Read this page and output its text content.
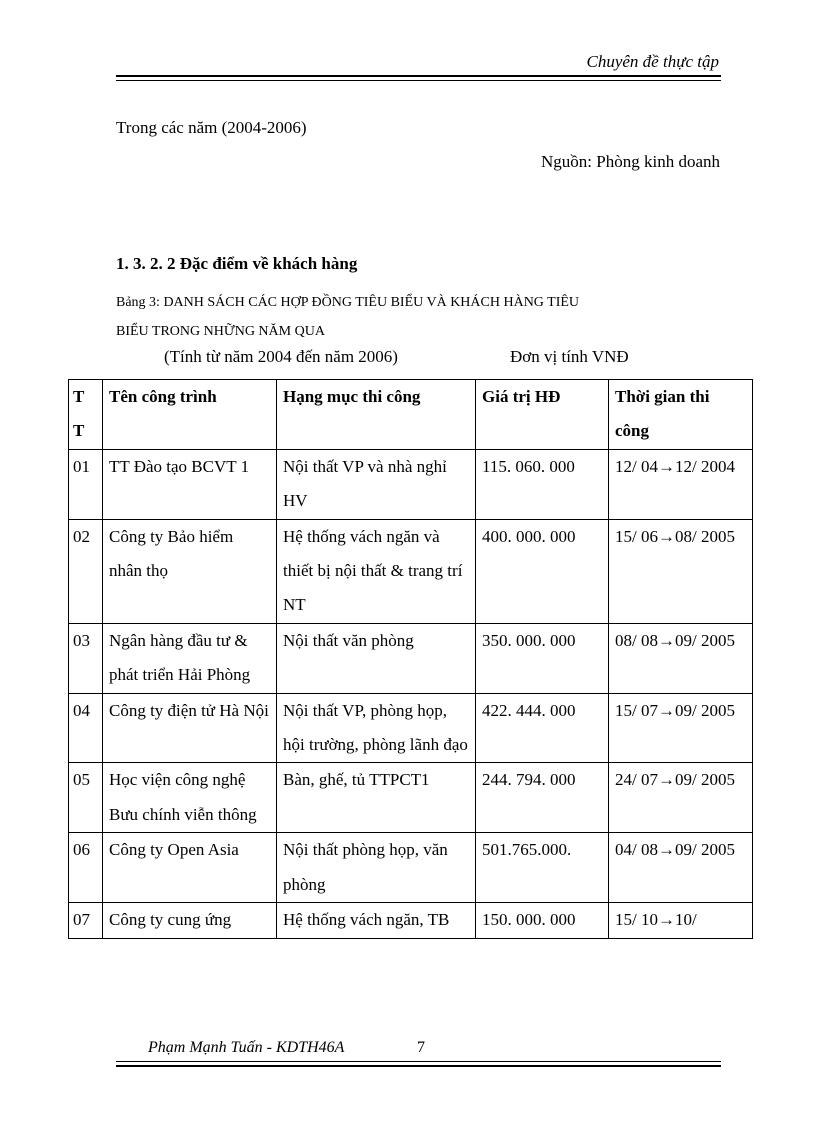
Chuyên đề thực tập
Trong các năm (2004-2006)
Nguồn: Phòng kinh doanh
1. 3. 2. 2 Đặc điểm về khách hàng
Bảng 3: DANH SÁCH CÁC HỢP ĐỒNG TIÊU BIỂU VÀ KHÁCH HÀNG TIÊU
BIỂU TRONG NHỮNG NĂM QUA
(Tính từ năm 2004 đến năm 2006)	Đơn vị tính VNĐ
T T	Tên công trình	Hạng mục thi công	Giá trị HĐ	Thời gian thi công
01	TT Đào tạo BCVT 1	Nội thất VP và nhà nghỉ HV	115. 060. 000	12/ 04→12/ 2004
02	Công ty Bảo hiểm nhân thọ	Hệ thống vách ngăn và thiết bị nội thất & trang trí NT	400. 000. 000	15/ 06→08/ 2005
03	Ngân hàng đầu tư & phát triển Hải Phòng	Nội thất văn phòng	350. 000. 000	08/ 08→09/ 2005
04	Công ty điện tử Hà Nội	Nội thất VP, phòng họp, hội trường, phòng lãnh đạo	422. 444. 000	15/ 07→09/ 2005
05	Học viện công nghệ Bưu chính viễn thông	Bàn, ghế, tủ TTPCT1	244. 794. 000	24/ 07→09/ 2005
06	Công ty Open Asia	Nội thất phòng họp, văn phòng	501.765.000.	04/ 08→09/ 2005
07	Công ty cung ứng	Hệ thống vách ngăn, TB	150. 000. 000	15/ 10→10/
Phạm Mạnh Tuấn - KDTH46A	7
